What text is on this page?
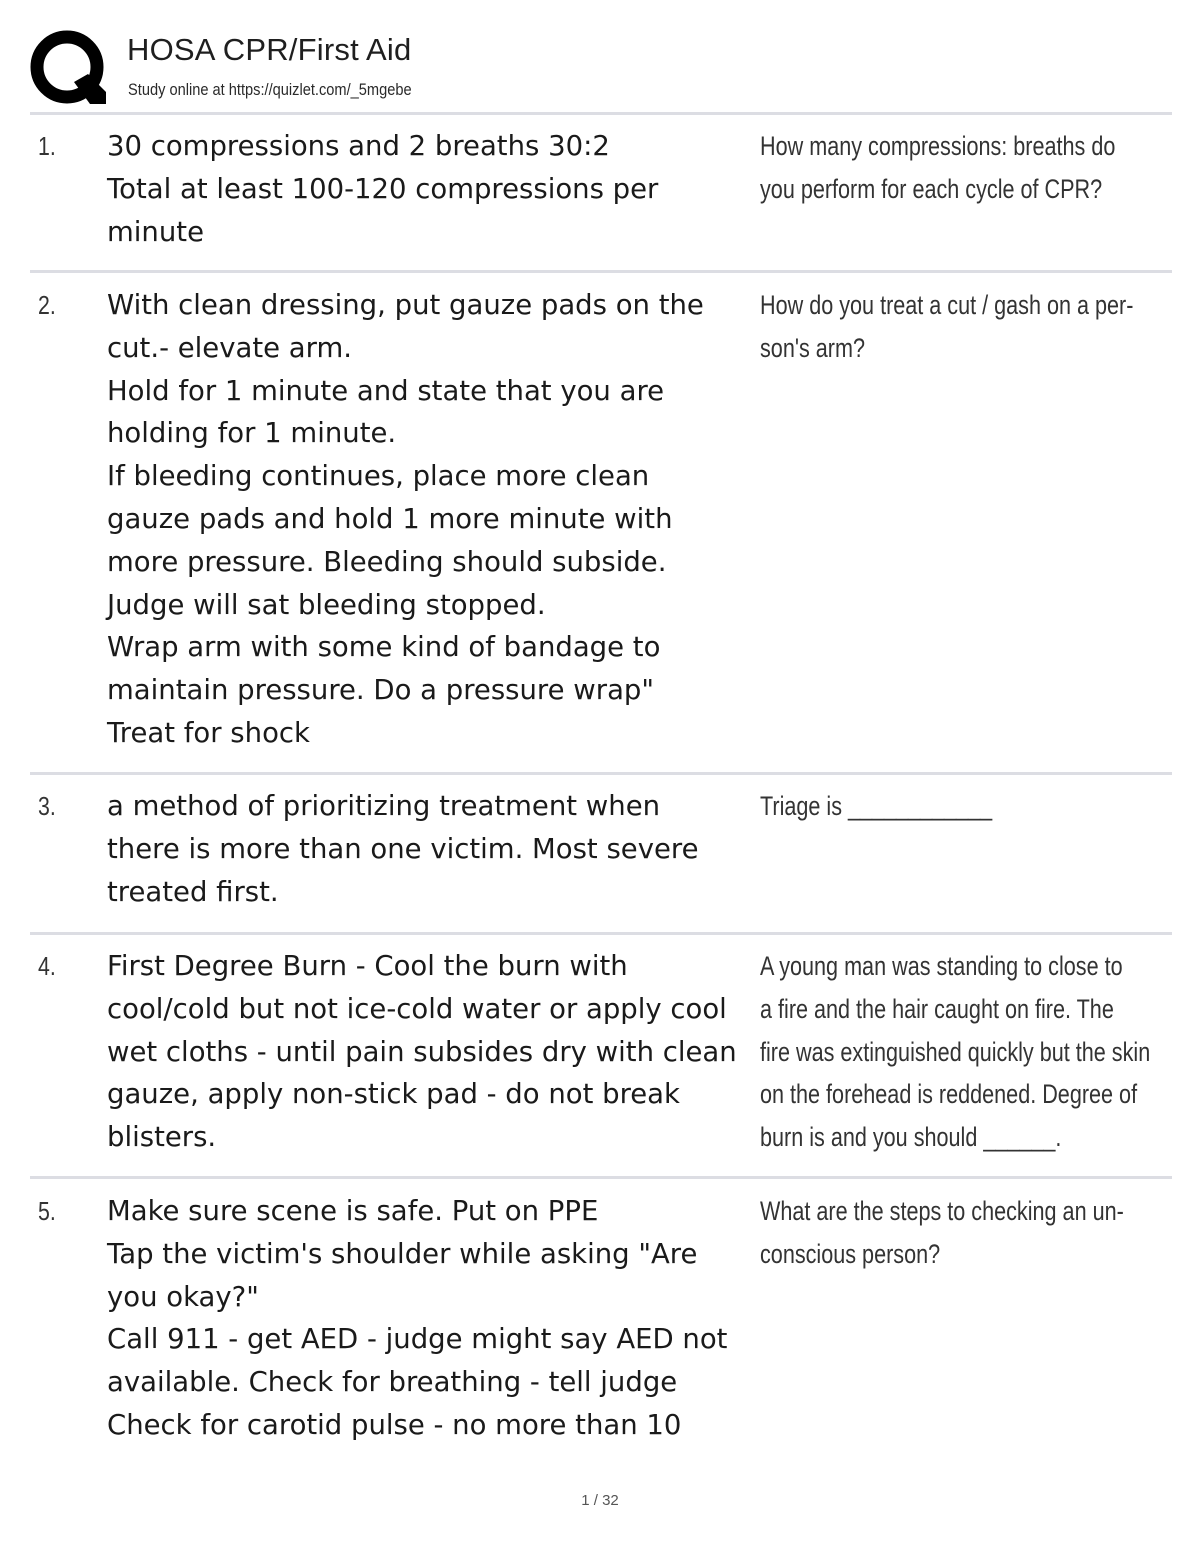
HOSA CPR/First Aid
Study online at https://quizlet.com/_5mgebe
1. 30 compressions and 2 breaths 30:2
Total at least 100-120 compressions per
minute
How many compressions: breaths do
you perform for each cycle of CPR?
2. With clean dressing, put gauze pads on the
cut.- elevate arm.
Hold for 1 minute and state that you are
holding for 1 minute.
If bleeding continues, place more clean
gauze pads and hold 1 more minute with
more pressure. Bleeding should subside.
Judge will sat bleeding stopped.
Wrap arm with some kind of bandage to
maintain pressure. Do a pressure wrap"
Treat for shock
How do you treat a cut / gash on a per-
son's arm?
3. a method of prioritizing treatment when
there is more than one victim. Most severe
treated first.
Triage is ____________
4. First Degree Burn - Cool the burn with
cool/cold but not ice-cold water or apply cool
wet cloths - until pain subsides dry with clean
gauze, apply non-stick pad - do not break
blisters.
A young man was standing to close to
a fire and the hair caught on fire. The
fire was extinguished quickly but the skin
on the forehead is reddened. Degree of
burn is and you should ______.
5. Make sure scene is safe. Put on PPE
Tap the victim's shoulder while asking "Are
you okay?"
Call 911 - get AED - judge might say AED not
available. Check for breathing - tell judge
Check for carotid pulse - no more than 10
What are the steps to checking an un-
conscious person?
1 / 32
